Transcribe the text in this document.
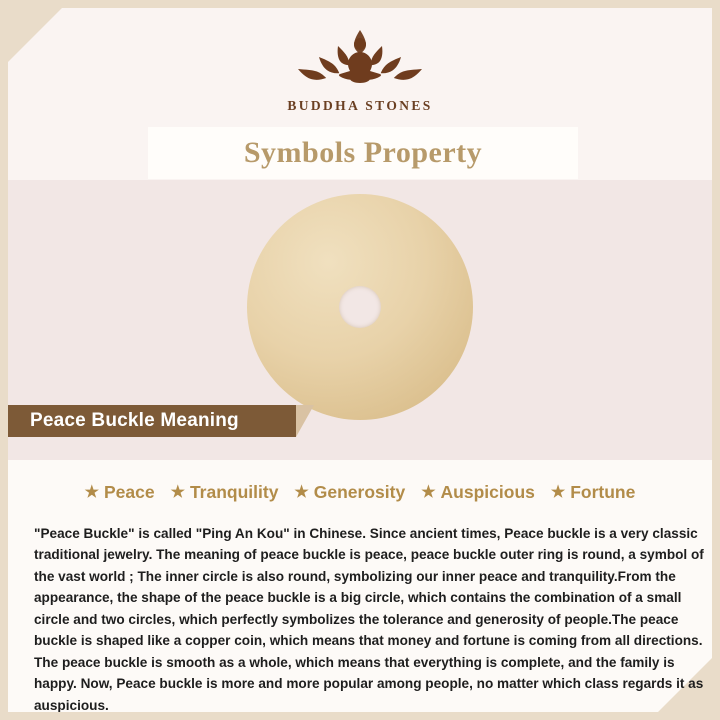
BUDDHA STONES
Symbols Property
★ Peace ★ Tranquility ★ Generosity ★ Auspicious ★ Fortune

"Peace Buckle" is called "Ping An Kou" in Chinese. Since ancient times, Peace buckle is a very classic traditional jewelry. The meaning of peace buckle is peace, peace buckle outer ring is round, a symbol of the vast world ; The inner circle is also round, symbolizing our inner peace and tranquility.From the appearance, the shape of the peace buckle is a big circle, which contains the combination of a small circle and two circles, which perfectly symbolizes the tolerance and generosity of people.The peace buckle is shaped like a copper coin, which means that money and fortune is coming from all directions. The peace buckle is smooth as a whole, which means that everything is complete, and the family is happy. Now, Peace buckle is more and more popular among people, no matter which class regards it as auspicious.

Peace Buckle Meaning
